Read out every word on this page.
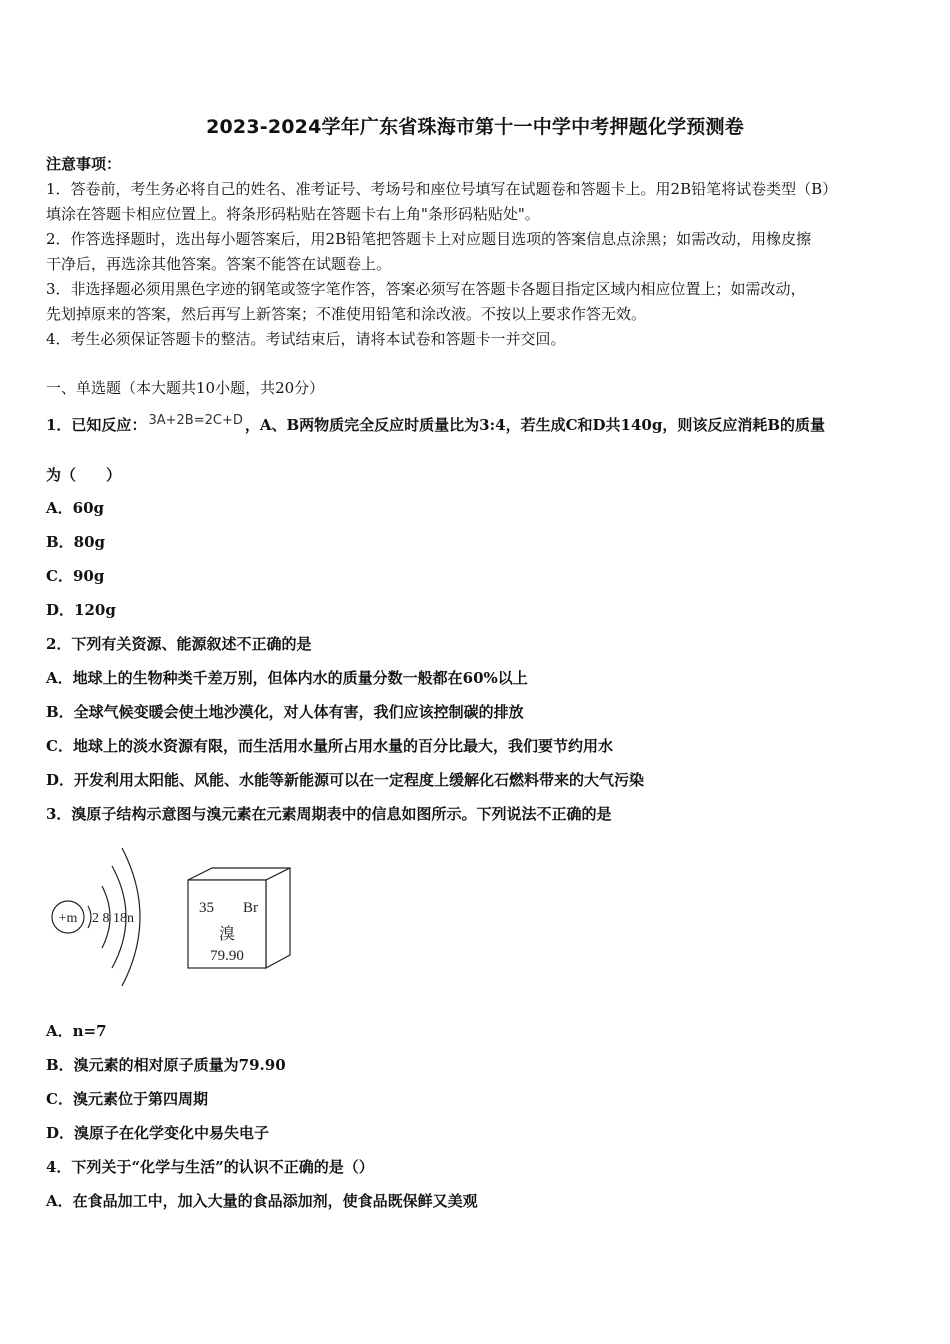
2023-2024学年广东省珠海市第十一中学中考押题化学预测卷
注意事项：
1．答卷前，考生务必将自己的姓名、准考证号、考场号和座位号填写在试题卷和答题卡上。用2B铅笔将试卷类型（B）
填涂在答题卡相应位置上。将条形码粘贴在答题卡右上角"条形码粘贴处"。
2．作答选择题时，选出每小题答案后，用2B铅笔把答题卡上对应题目选项的答案信息点涂黑；如需改动，用橡皮擦
干净后，再选涂其他答案。答案不能答在试题卷上。
3．非选择题必须用黑色字迹的钢笔或签字笔作答，答案必须写在答题卡各题目指定区域内相应位置上；如需改动，
先划掉原来的答案，然后再写上新答案；不准使用铅笔和涂改液。不按以上要求作答无效。
4．考生必须保证答题卡的整洁。考试结束后，请将本试卷和答题卡一并交回。
一、单选题（本大题共10小题，共20分）
1．已知反应： 3A+2B=2C+D ，A、B两物质完全反应时质量比为3:4，若生成C和D共140g，则该反应消耗B的质量
为（　　）
A．60g
B．80g
C．90g
D．120g
2．下列有关资源、能源叙述不正确的是
A．地球上的生物种类千差万别，但体内水的质量分数一般都在60%以上
B．全球气候变暖会使土地沙漠化，对人体有害，我们应该控制碳的排放
C．地球上的淡水资源有限，而生活用水量所占用水量的百分比最大，我们要节约用水
D．开发利用太阳能、风能、水能等新能源可以在一定程度上缓解化石燃料带来的大气污染
3．溴原子结构示意图与溴元素在元素周期表中的信息如图所示。下列说法不正确的是
+m 2 8 18n
35 Br
溴
79.90
A．n=7
B．溴元素的相对原子质量为79.90
C．溴元素位于第四周期
D．溴原子在化学变化中易失电子
4．下列关于“化学与生活”的认识不正确的是（）
A．在食品加工中，加入大量的食品添加剂，使食品既保鲜又美观
